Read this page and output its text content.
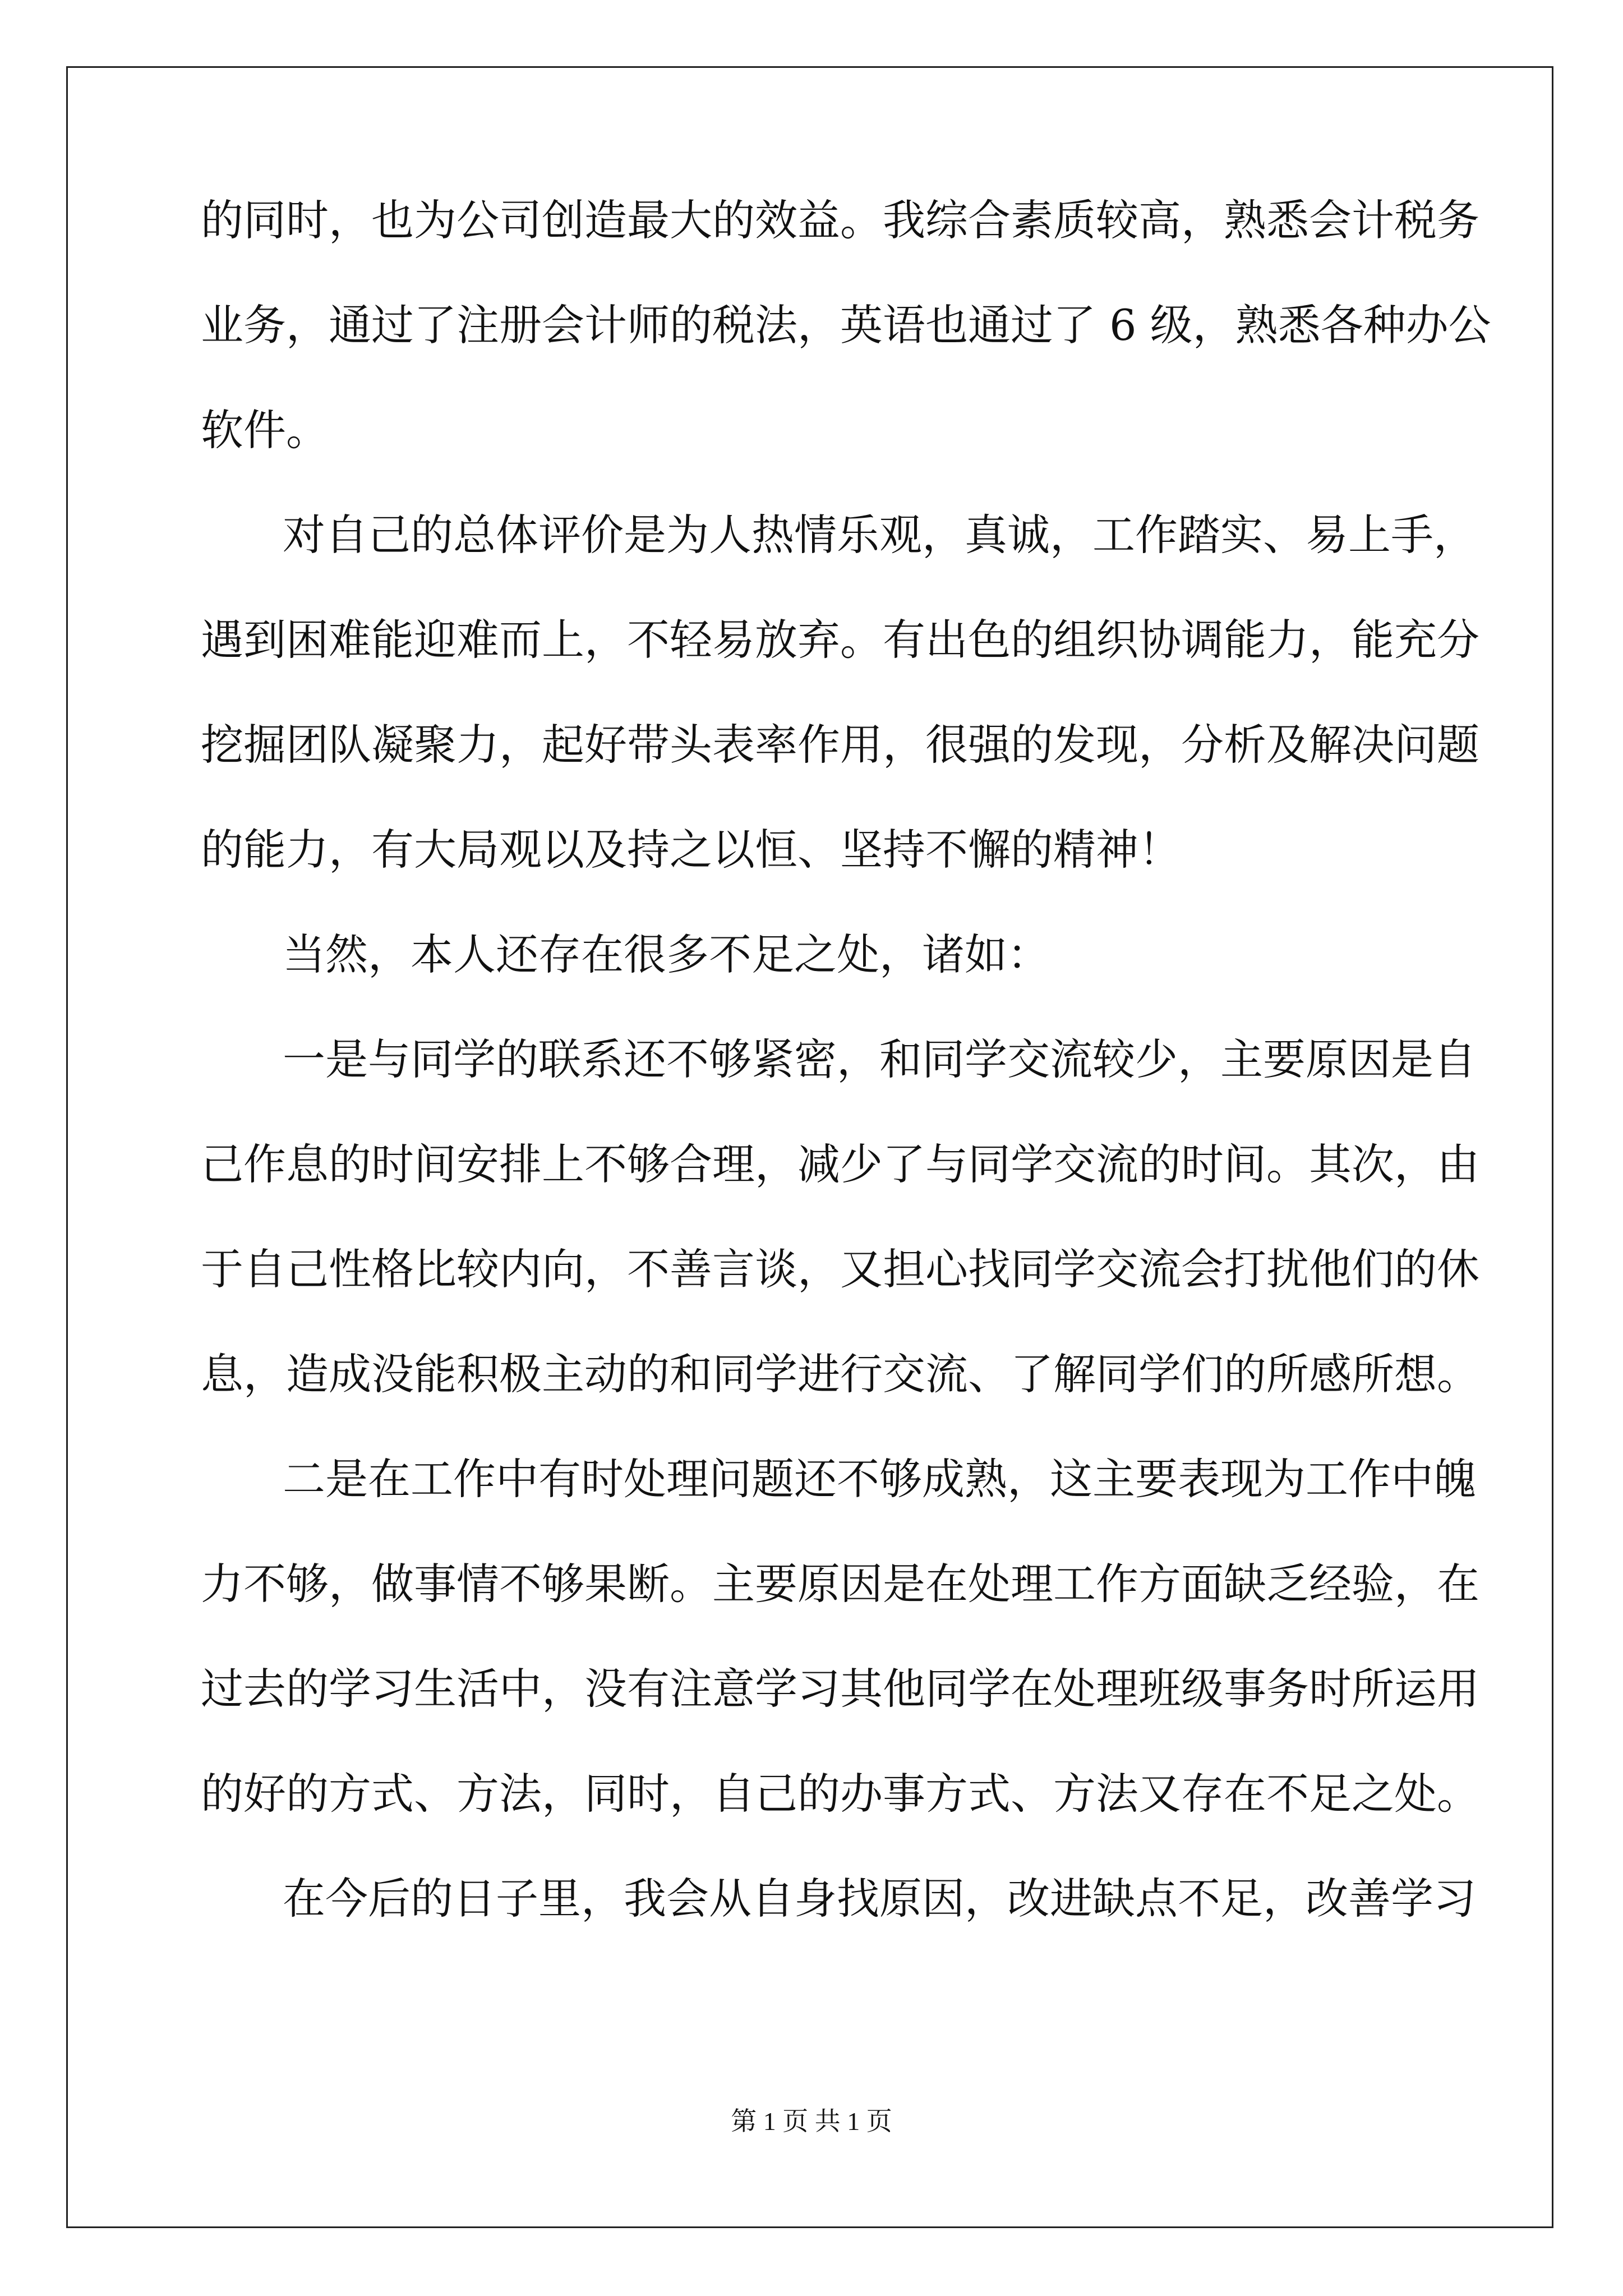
的同时，也为公司创造最大的效益。我综合素质较高，熟悉会计税务
业务，通过了注册会计师的税法，英语也通过了 6 级，熟悉各种办公
软件。
对自己的总体评价是为人热情乐观，真诚，工作踏实、易上手，
遇到困难能迎难而上，不轻易放弃。有出色的组织协调能力，能充分
挖掘团队凝聚力，起好带头表率作用，很强的发现，分析及解决问题
的能力，有大局观以及持之以恒、坚持不懈的精神！
当然，本人还存在很多不足之处，诸如：
一是与同学的联系还不够紧密，和同学交流较少，主要原因是自
己作息的时间安排上不够合理，减少了与同学交流的时间。其次，由
于自己性格比较内向，不善言谈，又担心找同学交流会打扰他们的休
息，造成没能积极主动的和同学进行交流、了解同学们的所感所想。
二是在工作中有时处理问题还不够成熟，这主要表现为工作中魄
力不够，做事情不够果断。主要原因是在处理工作方面缺乏经验，在
过去的学习生活中，没有注意学习其他同学在处理班级事务时所运用
的好的方式、方法，同时，自己的办事方式、方法又存在不足之处。
在今后的日子里，我会从自身找原因，改进缺点不足，改善学习
第 1 页 共 1 页
